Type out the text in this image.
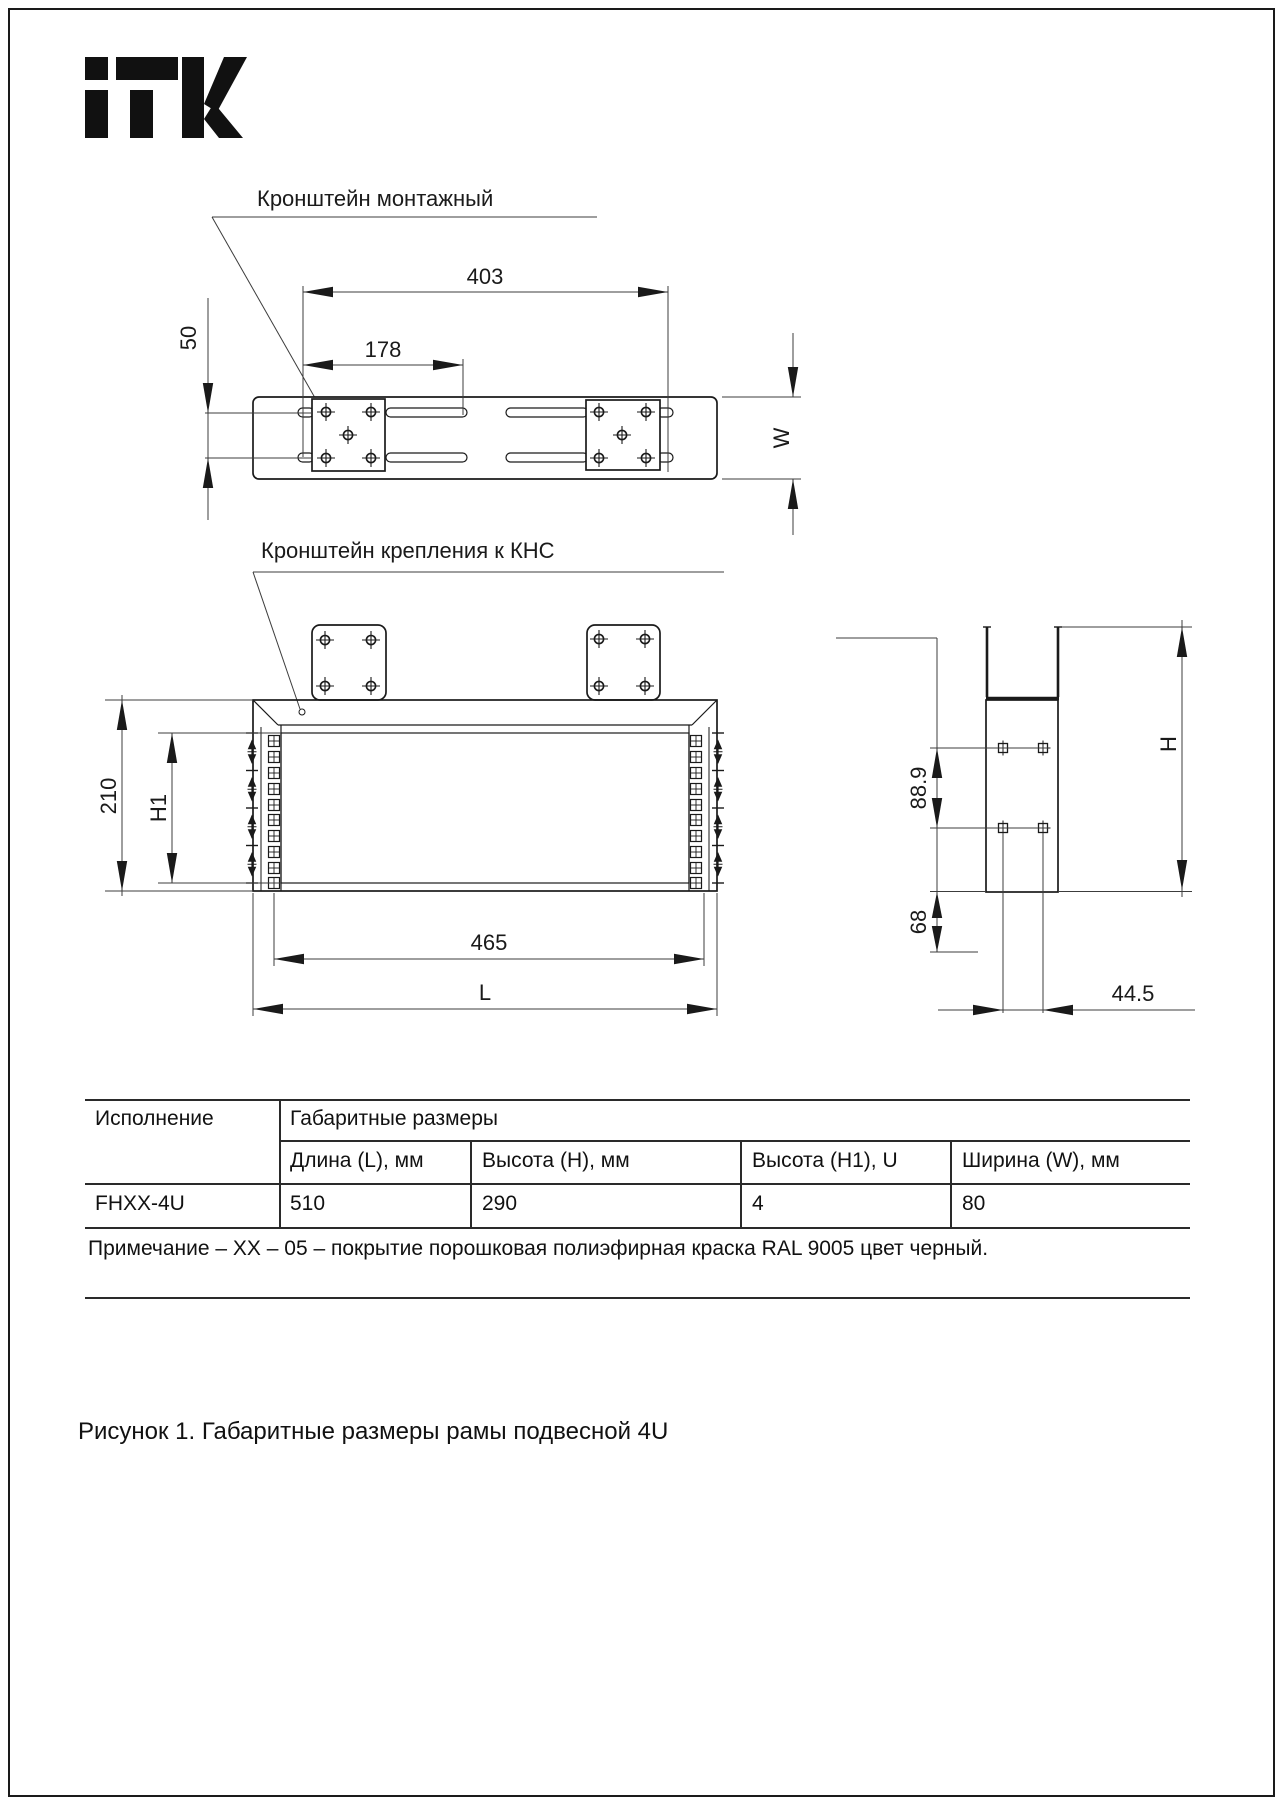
403
178
50
W
210 H1
465
L
88.9
68
H
44.5
Кронштейн монтажный
Кронштейн крепления к КНС
Исполнение	Габаритные размеры
Длина (L), мм	Высота (H), мм	Высота (H1), U	Ширина (W), мм
FHXX-4U	510	290	4	80
Примечание – ХХ – 05 – покрытие порошковая полиэфирная краска RAL 9005 цвет черный.
Рисунок 1. Габаритные размеры рамы подвесной 4U
